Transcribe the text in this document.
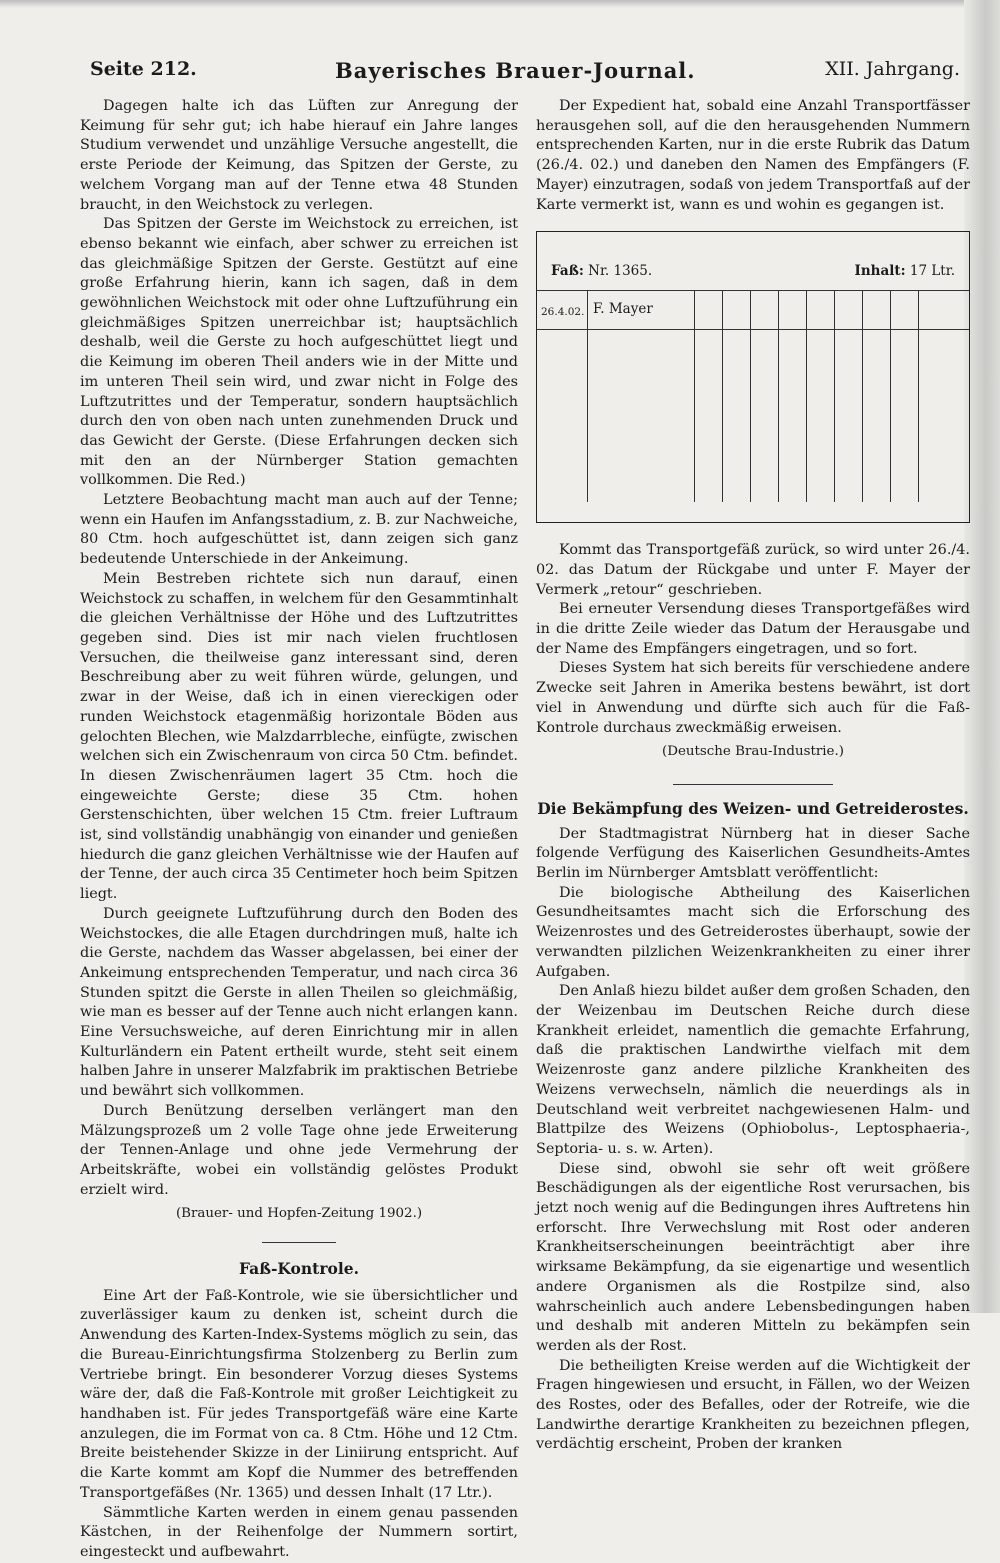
Seite 212.	Bayerisches Brauer-Journal.	XII. Jahrgang.

Dagegen halte ich das Lüften zur Anregung der Keimung für sehr gut; ich habe hierauf ein Jahre langes Studium verwendet und unzählige Versuche angestellt, die erste Periode der Keimung, das Spitzen der Gerste, zu welchem Vorgang man auf der Tenne etwa 48 Stunden braucht, in den Weichstock zu verlegen.

Das Spitzen der Gerste im Weichstock zu erreichen, ist ebenso bekannt wie einfach, aber schwer zu erreichen ist das gleichmäßige Spitzen der Gerste. Gestützt auf eine große Erfahrung hierin, kann ich sagen, daß in dem gewöhnlichen Weichstock mit oder ohne Luftzuführung ein gleichmäßiges Spitzen unerreichbar ist; hauptsächlich deshalb, weil die Gerste zu hoch aufgeschüttet liegt und die Keimung im oberen Theil anders wie in der Mitte und im unteren Theil sein wird, und zwar nicht in Folge des Luftzutrittes und der Temperatur, sondern hauptsächlich durch den von oben nach unten zunehmenden Druck und das Gewicht der Gerste. (Diese Erfahrungen decken sich mit den an der Nürnberger Station gemachten vollkommen. Die Red.)

Letztere Beobachtung macht man auch auf der Tenne; wenn ein Haufen im Anfangsstadium, z. B. zur Nachweiche, 80 Ctm. hoch aufgeschüttet ist, dann zeigen sich ganz bedeutende Unterschiede in der Ankeimung.

Mein Bestreben richtete sich nun darauf, einen Weichstock zu schaffen, in welchem für den Gesammtinhalt die gleichen Verhältnisse der Höhe und des Luftzutrittes gegeben sind. Dies ist mir nach vielen fruchtlosen Versuchen, die theilweise ganz interessant sind, deren Beschreibung aber zu weit führen würde, gelungen, und zwar in der Weise, daß ich in einen viereckigen oder runden Weichstock etagenmäßig horizontale Böden aus gelochten Blechen, wie Malzdarrbleche, einfügte, zwischen welchen sich ein Zwischenraum von circa 50 Ctm. befindet. In diesen Zwischenräumen lagert 35 Ctm. hoch die eingeweichte Gerste; diese 35 Ctm. hohen Gerstenschichten, über welchen 15 Ctm. freier Luftraum ist, sind vollständig unabhängig von einander und genießen hiedurch die ganz gleichen Verhältnisse wie der Haufen auf der Tenne, der auch circa 35 Centimeter hoch beim Spitzen liegt.

Durch geeignete Luftzuführung durch den Boden des Weichstockes, die alle Etagen durchdringen muß, halte ich die Gerste, nachdem das Wasser abgelassen, bei einer der Ankeimung entsprechenden Temperatur, und nach circa 36 Stunden spitzt die Gerste in allen Theilen so gleichmäßig, wie man es besser auf der Tenne auch nicht erlangen kann. Eine Versuchsweiche, auf deren Einrichtung mir in allen Kulturländern ein Patent ertheilt wurde, steht seit einem halben Jahre in unserer Malzfabrik im praktischen Betriebe und bewährt sich vollkommen.

Durch Benützung derselben verlängert man den Mälzungsprozeß um 2 volle Tage ohne jede Erweiterung der Tennen-Anlage und ohne jede Vermehrung der Arbeitskräfte, wobei ein vollständig gelöstes Produkt erzielt wird.

(Brauer- und Hopfen-Zeitung 1902.)

Faß-Kontrole.

Eine Art der Faß-Kontrole, wie sie übersichtlicher und zuverlässiger kaum zu denken ist, scheint durch die Anwendung des Karten-Index-Systems möglich zu sein, das die Bureau-Einrichtungsfirma Stolzenberg zu Berlin zum Vertriebe bringt. Ein besonderer Vorzug dieses Systems wäre der, daß die Faß-Kontrole mit großer Leichtigkeit zu handhaben ist. Für jedes Transportgefäß wäre eine Karte anzulegen, die im Format von ca. 8 Ctm. Höhe und 12 Ctm. Breite beistehender Skizze in der Liniirung entspricht. Auf die Karte kommt am Kopf die Nummer des betreffenden Transportgefäßes (Nr. 1365) und dessen Inhalt (17 Ltr.).

Sämmtliche Karten werden in einem genau passenden Kästchen, in der Reihenfolge der Nummern sortirt, eingesteckt und aufbewahrt.

Der Expedient hat, sobald eine Anzahl Transportfässer herausgehen soll, auf die den herausgehenden Nummern entsprechenden Karten, nur in die erste Rubrik das Datum (26./4. 02.) und daneben den Namen des Empfängers (F. Mayer) einzutragen, sodaß von jedem Transportfaß auf der Karte vermerkt ist, wann es und wohin es gegangen ist.

Faß: Nr. 1365.	Inhalt: 17 Ltr.
26.4.02. F. Mayer

Kommt das Transportgefäß zurück, so wird unter 26./4. 02. das Datum der Rückgabe und unter F. Mayer der Vermerk „retour“ geschrieben.

Bei erneuter Versendung dieses Transportgefäßes wird in die dritte Zeile wieder das Datum der Herausgabe und der Name des Empfängers eingetragen, und so fort.

Dieses System hat sich bereits für verschiedene andere Zwecke seit Jahren in Amerika bestens bewährt, ist dort viel in Anwendung und dürfte sich auch für die Faß-Kontrole durchaus zweckmäßig erweisen.

(Deutsche Brau-Industrie.)

Die Bekämpfung des Weizen- und Getreiderostes.

Der Stadtmagistrat Nürnberg hat in dieser Sache folgende Verfügung des Kaiserlichen Gesundheits-Amtes Berlin im Nürnberger Amtsblatt veröffentlicht:

Die biologische Abtheilung des Kaiserlichen Gesundheitsamtes macht sich die Erforschung des Weizenrostes und des Getreiderostes überhaupt, sowie der verwandten pilzlichen Weizenkrankheiten zu einer ihrer Aufgaben.

Den Anlaß hiezu bildet außer dem großen Schaden, den der Weizenbau im Deutschen Reiche durch diese Krankheit erleidet, namentlich die gemachte Erfahrung, daß die praktischen Landwirthe vielfach mit dem Weizenroste ganz andere pilzliche Krankheiten des Weizens verwechseln, nämlich die neuerdings als in Deutschland weit verbreitet nachgewiesenen Halm- und Blattpilze des Weizens (Ophiobolus-, Leptosphaeria-, Septoria- u. s. w. Arten).

Diese sind, obwohl sie sehr oft weit größere Beschädigungen als der eigentliche Rost verursachen, bis jetzt noch wenig auf die Bedingungen ihres Auftretens hin erforscht. Ihre Verwechslung mit Rost oder anderen Krankheitserscheinungen beeinträchtigt aber ihre wirksame Bekämpfung, da sie eigenartige und wesentlich andere Organismen als die Rostpilze sind, also wahrscheinlich auch andere Lebensbedingungen haben und deshalb mit anderen Mitteln zu bekämpfen sein werden als der Rost.

Die betheiligten Kreise werden auf die Wichtigkeit der Fragen hingewiesen und ersucht, in Fällen, wo der Weizen des Rostes, oder des Befalles, oder der Rotreife, wie die Landwirthe derartige Krankheiten zu bezeichnen pflegen, verdächtig erscheint, Proben der kranken
